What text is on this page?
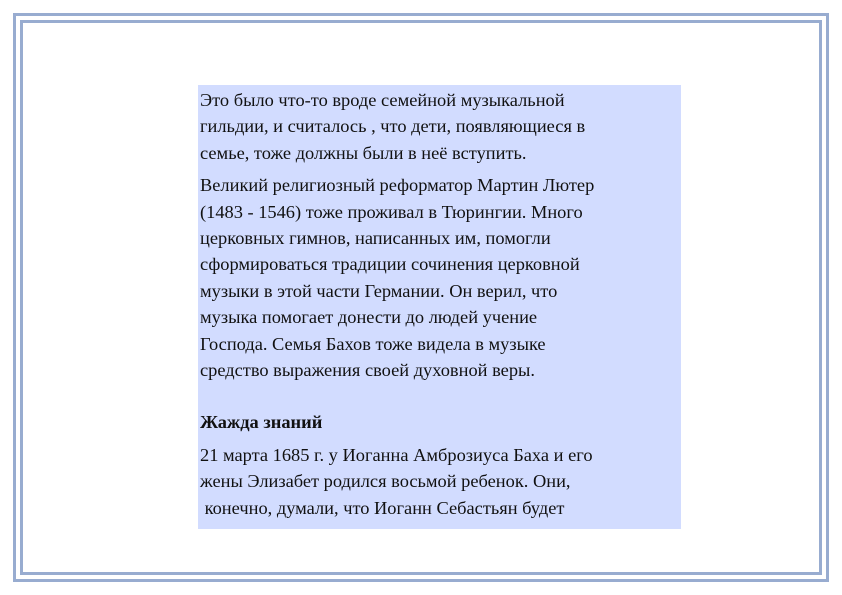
Это было что-то вроде семейной музыкальной
гильдии, и считалось , что дети, появляющиеся в
семье, тоже должны были в неё вступить.

Великий религиозный реформатор Мартин Лютер
(1483 - 1546) тоже проживал в Тюрингии. Много
церковных гимнов, написанных им, помогли
сформироваться традиции сочинения церковной
музыки в этой части Германии. Он верил, что
музыка помогает донести до людей учение
Господа. Семья Бахов тоже видела в музыке
средство выражения своей духовной веры.

Жажда знаний

21 марта 1685 г. у Иоганна Амброзиуса Баха и его
жены Элизабет родился восьмой ребенок. Они,
конечно, думали, что Иоганн Себастьян будет
